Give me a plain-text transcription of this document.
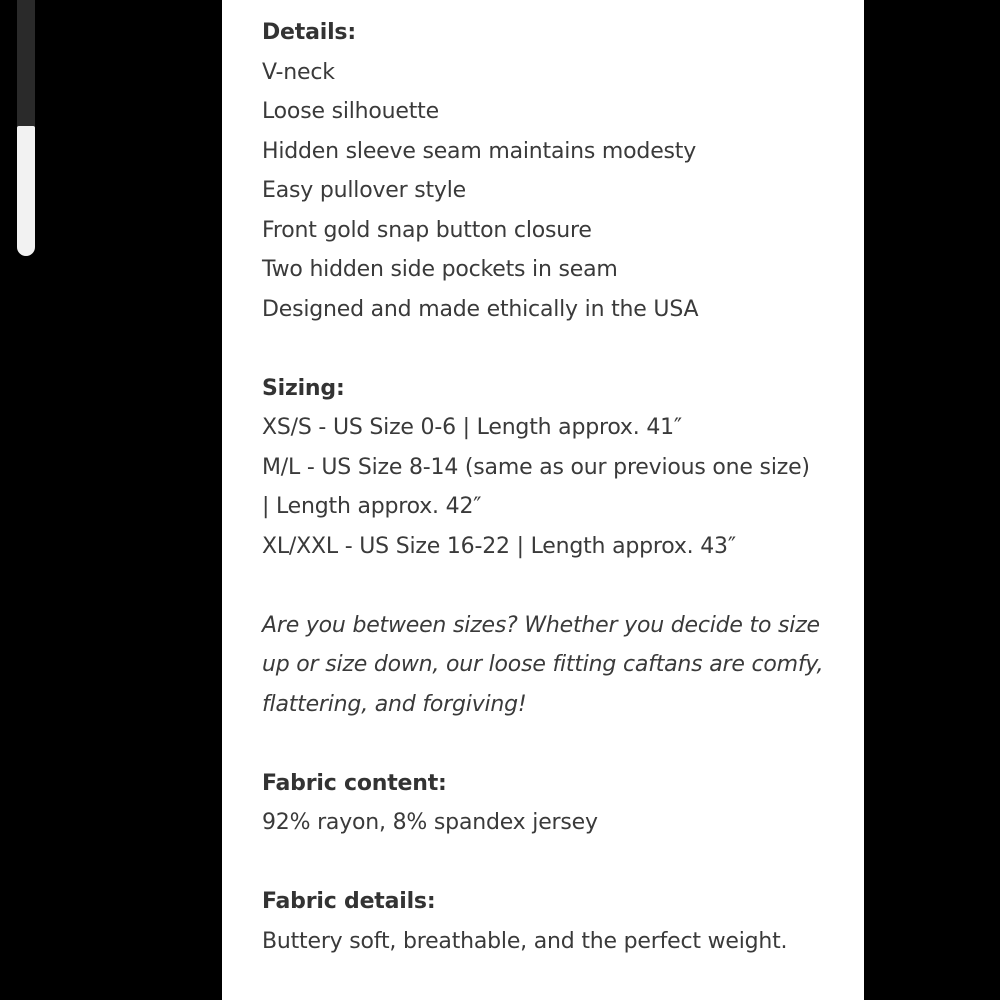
Details:

V-neck

Loose silhouette

Hidden sleeve seam maintains modesty

Easy pullover style

Front gold snap button closure

Two hidden side pockets in seam

Designed and made ethically in the USA

Sizing:

XS/S - US Size 0-6 | Length approx. 41″

M/L - US Size 8-14 (same as our previous one size)

| Length approx. 42″

XL/XXL - US Size 16-22 | Length approx. 43″

Are you between sizes? Whether you decide to size

up or size down, our loose fitting caftans are comfy,

flattering, and forgiving!

Fabric content:

92% rayon, 8% spandex jersey

Fabric details:

Buttery soft, breathable, and the perfect weight.
